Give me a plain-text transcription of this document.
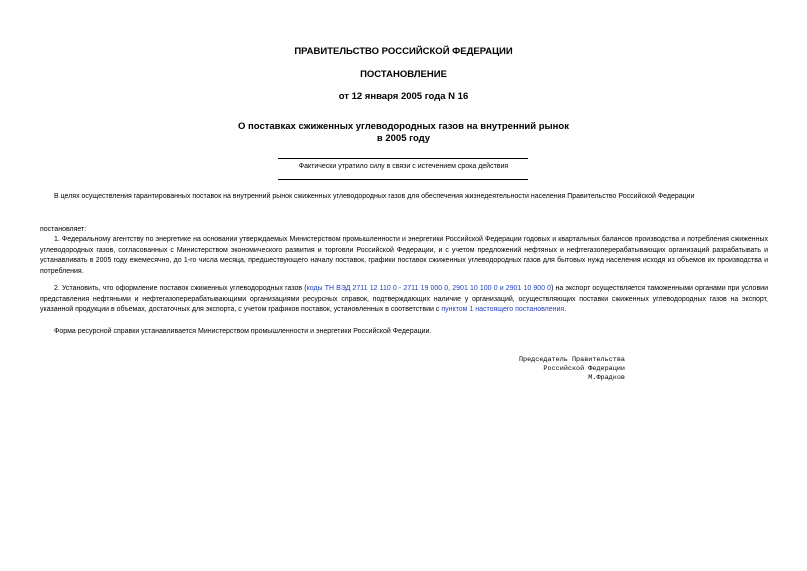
ПРАВИТЕЛЬСТВО РОССИЙСКОЙ ФЕДЕРАЦИИ
ПОСТАНОВЛЕНИЕ
от 12 января 2005 года N 16
О поставках сжиженных углеводородных газов на внутренний рынок
в 2005 году
Фактически утратило силу в связи с истечением срока действия
В целях осуществления гарантированных поставок на внутренний рынок сжиженных углеводородных газов для обеспечения жизнедеятельности населения Правительство Российской Федерации
постановляет:
1. Федеральному агентству по энергетике на основании утверждаемых Министерством промышленности и энергетики Российской Федерации годовых и квартальных балансов производства и потребления сжиженных углеводородных газов, согласованных с Министерством экономического развития и торговли Российской Федерации, и с учетом предложений нефтяных и нефтегазоперерабатывающих организаций разрабатывать и устанавливать в 2005 году ежемесячно, до 1-го числа месяца, предшествующего началу поставок, графики поставок сжиженных углеводородных газов для бытовых нужд населения исходя из объемов их производства и потребления.
2. Установить, что оформление поставок сжиженных углеводородных газов (коды ТН ВЭД 2711 12 110 0 - 2711 19 000 0, 2901 10 100 0 и 2901 10 900 0) на экспорт осуществляется таможенными органами при условии представления нефтяными и нефтегазоперерабатывающими организациями ресурсных справок, подтверждающих наличие у организаций, осуществляющих поставки сжиженных углеводородных газов на экспорт, указанной продукции в объемах, достаточных для экспорта, с учетом графиков поставок, установленных в соответствии с пунктом 1 настоящего постановления.
Форма ресурсной справки устанавливается Министерством промышленности и энергетики Российской Федерации.
Председатель Правительства
Российской Федерации
М.Фрадков
